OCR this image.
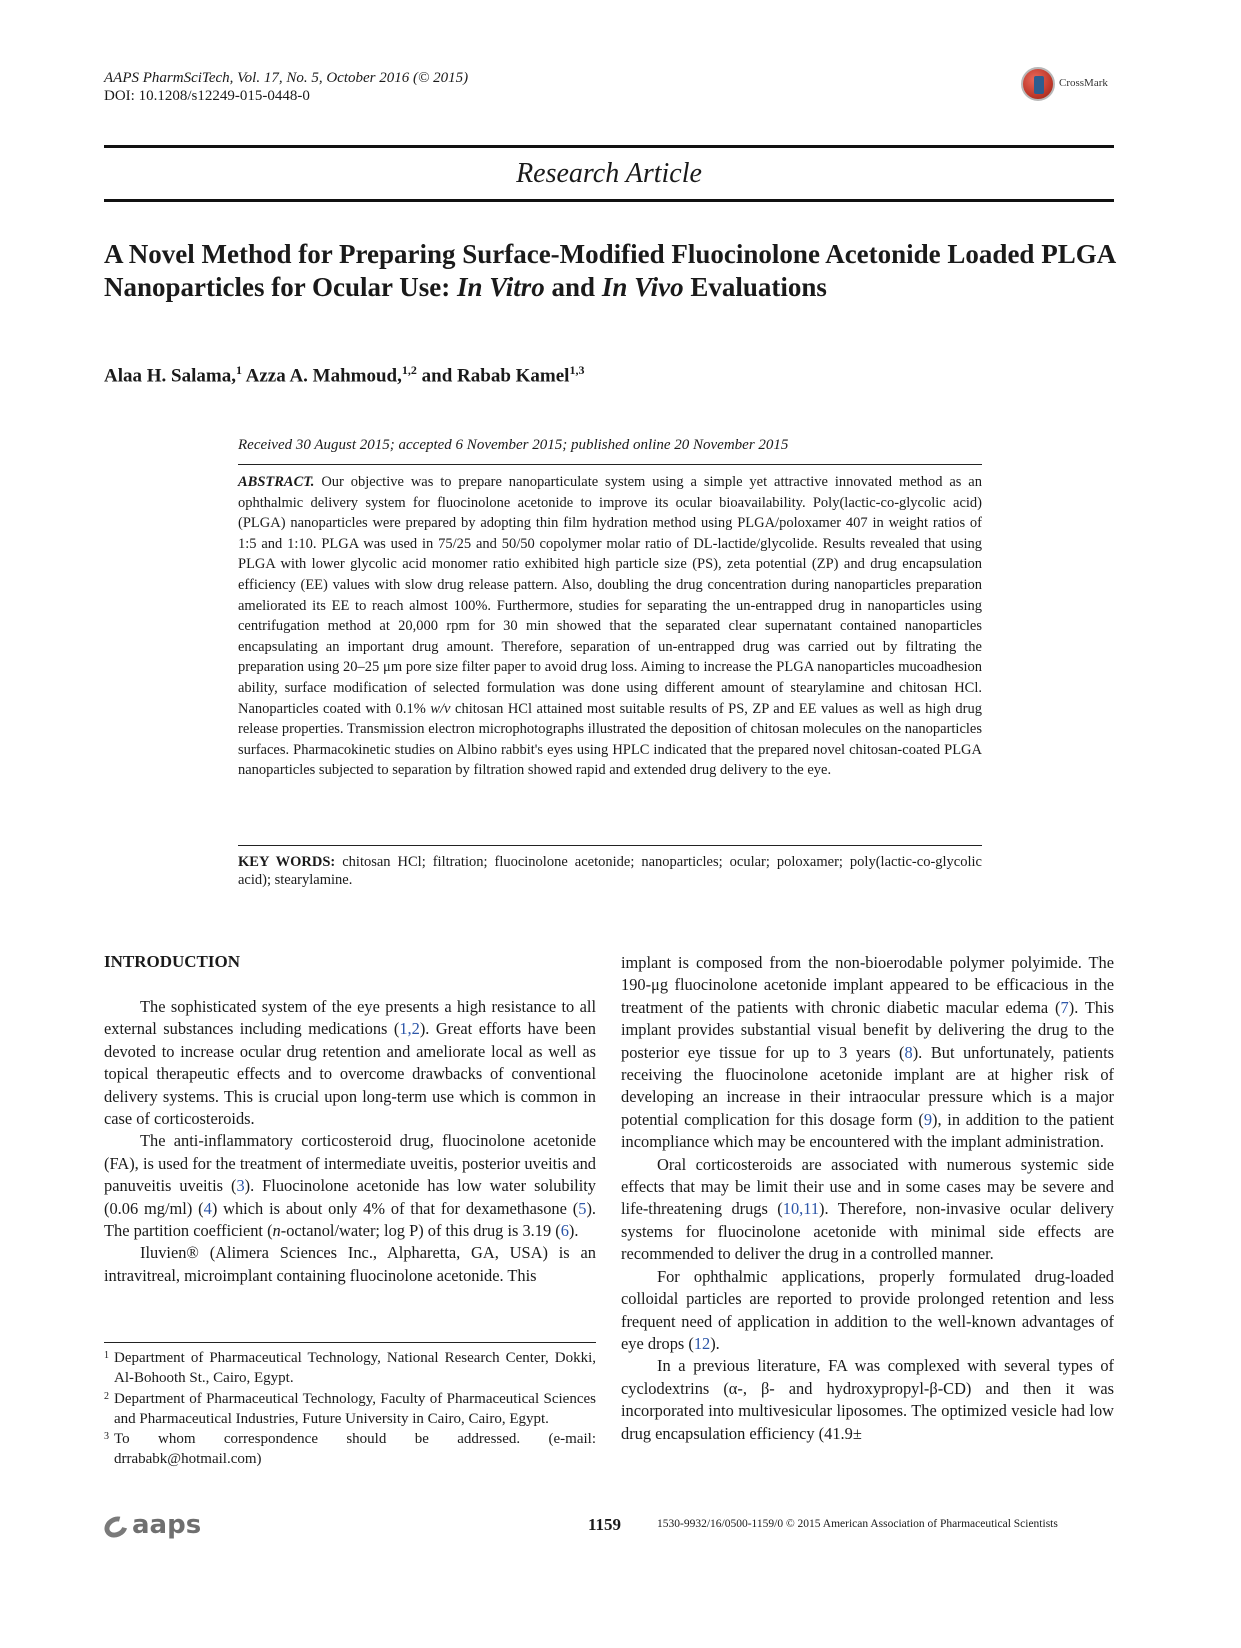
AAPS PharmSciTech, Vol. 17, No. 5, October 2016 (© 2015)
DOI: 10.1208/s12249-015-0448-0
CrossMark
Research Article
A Novel Method for Preparing Surface-Modified Fluocinolone Acetonide Loaded PLGA Nanoparticles for Ocular Use: In Vitro and In Vivo Evaluations
Alaa H. Salama,$^1$ Azza A. Mahmoud,$^{1,2}$ and Rabab Kamel$^{1,3}$
Received 30 August 2015; accepted 6 November 2015; published online 20 November 2015
ABSTRACT. Our objective was to prepare nanoparticulate system using a simple yet attractive innovated method as an ophthalmic delivery system for fluocinolone acetonide to improve its ocular bioavailability. Poly(lactic-co-glycolic acid) (PLGA) nanoparticles were prepared by adopting thin film hydration method using PLGA/poloxamer 407 in weight ratios of 1:5 and 1:10. PLGA was used in 75/25 and 50/50 copolymer molar ratio of DL-lactide/glycolide. Results revealed that using PLGA with lower glycolic acid monomer ratio exhibited high particle size (PS), zeta potential (ZP) and drug encapsulation efficiency (EE) values with slow drug release pattern. Also, doubling the drug concentration during nanoparticles preparation ameliorated its EE to reach almost 100%. Furthermore, studies for separating the un-entrapped drug in nanoparticles using centrifugation method at 20,000 rpm for 30 min showed that the separated clear supernatant contained nanoparticles encapsulating an important drug amount. Therefore, separation of un-entrapped drug was carried out by filtrating the preparation using 20–25 μm pore size filter paper to avoid drug loss. Aiming to increase the PLGA nanoparticles mucoadhesion ability, surface modification of selected formulation was done using different amount of stearylamine and chitosan HCl. Nanoparticles coated with 0.1% w/v chitosan HCl attained most suitable results of PS, ZP and EE values as well as high drug release properties. Transmission electron microphotographs illustrated the deposition of chitosan molecules on the nanoparticles surfaces. Pharmacokinetic studies on Albino rabbit's eyes using HPLC indicated that the prepared novel chitosan-coated PLGA nanoparticles subjected to separation by filtration showed rapid and extended drug delivery to the eye.
KEY WORDS: chitosan HCl; filtration; fluocinolone acetonide; nanoparticles; ocular; poloxamer; poly(lactic-co-glycolic acid); stearylamine.
INTRODUCTION

The sophisticated system of the eye presents a high resistance to all external substances including medications (1,2). Great efforts have been devoted to increase ocular drug retention and ameliorate local as well as topical therapeutic effects and to overcome drawbacks of conventional delivery systems. This is crucial upon long-term use which is common in case of corticosteroids.

The anti-inflammatory corticosteroid drug, fluocinolone acetonide (FA), is used for the treatment of intermediate uveitis, posterior uveitis and panuveitis uveitis (3). Fluocinolone acetonide has low water solubility (0.06 mg/ml) (4) which is about only 4% of that for dexamethasone (5). The partition coefficient (n-octanol/water; log P) of this drug is 3.19 (6).

Iluvien® (Alimera Sciences Inc., Alpharetta, GA, USA) is an intravitreal, microimplant containing fluocinolone acetonide. This

implant is composed from the non-bioerodable polymer polyimide. The 190-μg fluocinolone acetonide implant appeared to be efficacious in the treatment of the patients with chronic diabetic macular edema (7). This implant provides substantial visual benefit by delivering the drug to the posterior eye tissue for up to 3 years (8). But unfortunately, patients receiving the fluocinolone acetonide implant are at higher risk of developing an increase in their intraocular pressure which is a major potential complication for this dosage form (9), in addition to the patient incompliance which may be encountered with the implant administration.

Oral corticosteroids are associated with numerous systemic side effects that may be limit their use and in some cases may be severe and life-threatening drugs (10,11). Therefore, non-invasive ocular delivery systems for fluocinolone acetonide with minimal side effects are recommended to deliver the drug in a controlled manner.

For ophthalmic applications, properly formulated drug-loaded colloidal particles are reported to provide prolonged retention and less frequent need of application in addition to the well-known advantages of eye drops (12).

In a previous literature, FA was complexed with several types of cyclodextrins (α-, β- and hydroxypropyl-β-CD) and then it was incorporated into multivesicular liposomes. The optimized vesicle had low drug encapsulation efficiency (41.9±

1 Department of Pharmaceutical Technology, National Research Center, Dokki, Al-Bohooth St., Cairo, Egypt.
2 Department of Pharmaceutical Technology, Faculty of Pharmaceutical Sciences and Pharmaceutical Industries, Future University in Cairo, Cairo, Egypt.
3 To whom correspondence should be addressed. (e-mail: drrababk@hotmail.com)
aaps	1159	1530-9932/16/0500-1159/0 © 2015 American Association of Pharmaceutical Scientists
